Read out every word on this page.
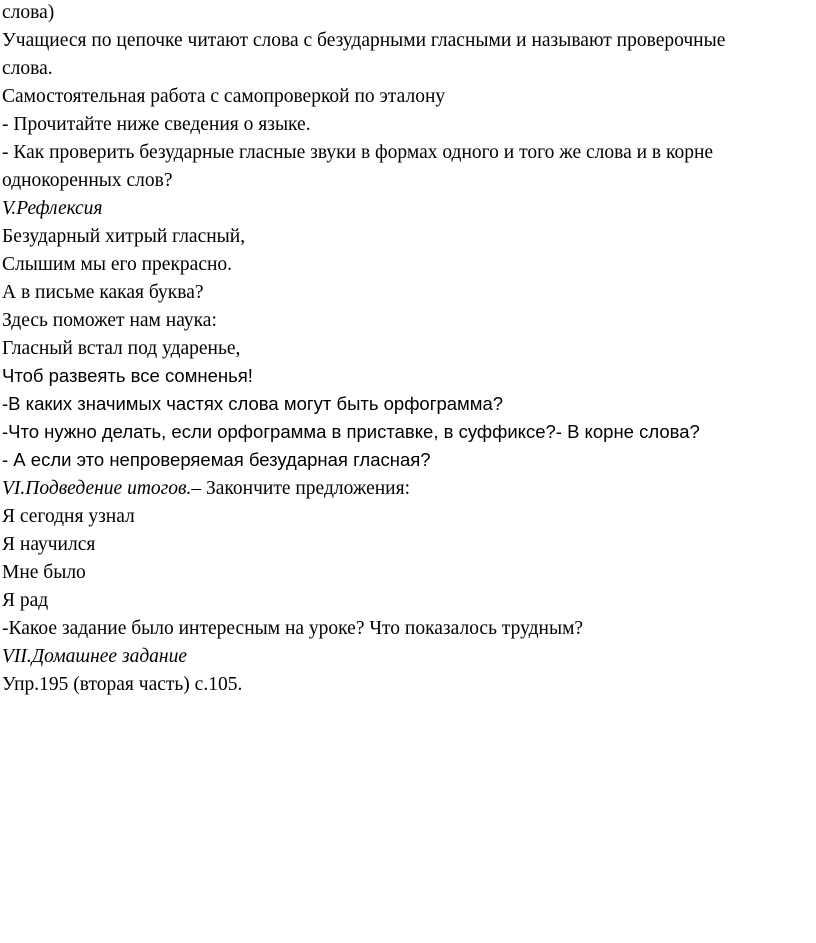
слова)
Учащиеся по цепочке читают слова с безударными гласными и называют проверочные
слова.
Самостоятельная работа с самопроверкой по эталону
- Прочитайте ниже сведения о языке.
- Как проверить безударные гласные звуки в формах одного и того же слова и в корне
однокоренных слов?
V.Рефлексия
Безударный хитрый гласный,
Слышим мы его прекрасно.
А в письме какая буква?
Здесь поможет нам наука:
Гласный встал под ударенье,
Чтоб развеять все сомненья!
-В каких значимых частях слова могут быть орфограмма?
-Что нужно делать, если орфограмма в приставке, в суффиксе?- В корне слова?
- А если это непроверяемая безударная гласная?
VI.Подведение итогов.– Закончите предложения:
Я сегодня узнал
Я научился
Мне было
Я рад
-Какое задание было интересным на уроке? Что показалось трудным?
VII.Домашнее задание
Упр.195 (вторая часть) с.105.
